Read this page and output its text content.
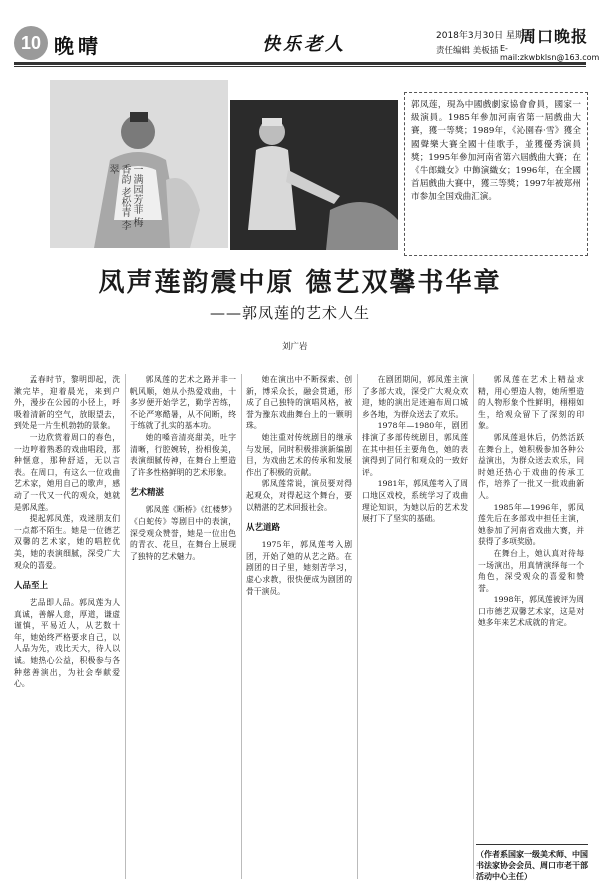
10 晚晴	快乐老人	2018年3月30日 星期五
周口晚报
责任编辑 美板插 E-mail:zkwbklsn@163.com
一满园芳菲 梅香韵 老松青 李翠
郭凤莲，現為中國戲劇家協會會員，國家一級演員。1985年參加河南省第一屆戲曲大賽，獲一等獎；1989年，《沁園春·雪》獲全國聲樂大賽全國十佳歌手，並獲優秀演員獎；1995年參加河南省第六屆戲曲大賽；在《牛郎織女》中飾演織女；1996年，在全國首屆戲曲大賽中，獲三等獎；1997年被郑州市参加全国戏曲汇演。
凤声莲韵震中原 德艺双馨书华章
——郭凤莲的艺术人生
刘广岩

孟春时节，黎明即起，洗漱完毕，迎着晨光，来到户外，漫步在公园的小径上，呼吸着清新的空气，放眼望去，到处是一片生机勃勃的景象。

一边欣赏着周口的春色，一边哼着熟悉的戏曲唱段，那种惬意，那种舒适，无以言表。在周口，有这么一位戏曲艺术家，她用自己的歌声，感动了一代又一代的观众，她就是郭凤莲。

提起郭凤莲，戏迷朋友们一点都不陌生。她是一位德艺双馨的艺术家，她的唱腔优美，她的表演细腻，深受广大观众的喜爱。

人品至上

艺品即人品。郭凤莲为人真诚，善解人意，厚道，谦虚谨慎，平易近人，从艺数十年，她始终严格要求自己，以人品为先，戏比天大，待人以诚。她热心公益，积极参与各种慈善演出，为社会奉献爱心。

郭凤莲的艺术之路并非一帆风顺，她从小热爱戏曲，十多岁便开始学艺，勤学苦练，不论严寒酷暑，从不间断，终于练就了扎实的基本功。

她的嗓音清亮甜美，吐字清晰，行腔婉转，扮相俊美，表演细腻传神，在舞台上塑造了许多性格鲜明的艺术形象。

艺术精湛

郭凤莲《断桥》《红楼梦》《白蛇传》等剧目中的表演，深受观众赞誉，她是一位出色的青衣、花旦，在舞台上展现了独特的艺术魅力。

她在演出中不断探索、创新，博采众长，融会贯通，形成了自己独特的演唱风格，被誉为豫东戏曲舞台上的一颗明珠。

她注重对传统剧目的继承与发展，同时积极排演新编剧目，为戏曲艺术的传承和发展作出了积极的贡献。

郭凤莲常说，演员要对得起观众，对得起这个舞台，要以精湛的艺术回报社会。

从艺道路

1975年，郭凤莲考入剧团，开始了她的从艺之路。在剧团的日子里，她刻苦学习，虚心求教，很快便成为剧团的骨干演员。

在剧团期间，郭凤莲主演了多部大戏，深受广大观众欢迎，她的演出足迹遍布周口城乡各地，为群众送去了欢乐。

1978年—1980年，剧团排演了多部传统剧目，郭凤莲在其中担任主要角色，她的表演得到了同行和观众的一致好评。

1981年，郭凤莲考入了周口地区戏校，系统学习了戏曲理论知识，为她以后的艺术发展打下了坚实的基础。

郭凤莲在艺术上精益求精，用心塑造人物，她所塑造的人物形象个性鲜明，栩栩如生，给观众留下了深刻的印象。

郭凤莲退休后，仍然活跃在舞台上，她积极参加各种公益演出，为群众送去欢乐，同时她还热心于戏曲的传承工作，培养了一批又一批戏曲新人。

1985年—1996年，郭凤莲先后在多部戏中担任主演，她参加了河南省戏曲大赛，并获得了多项奖励。

在舞台上，她认真对待每一场演出，用真情演绎每一个角色，深受观众的喜爱和赞誉。

1998年，郭凤莲被评为周口市德艺双馨艺术家，这是对她多年来艺术成就的肯定。

（作者系国家一级美术师、中国书法家协会会员、周口市老干部活动中心主任）
